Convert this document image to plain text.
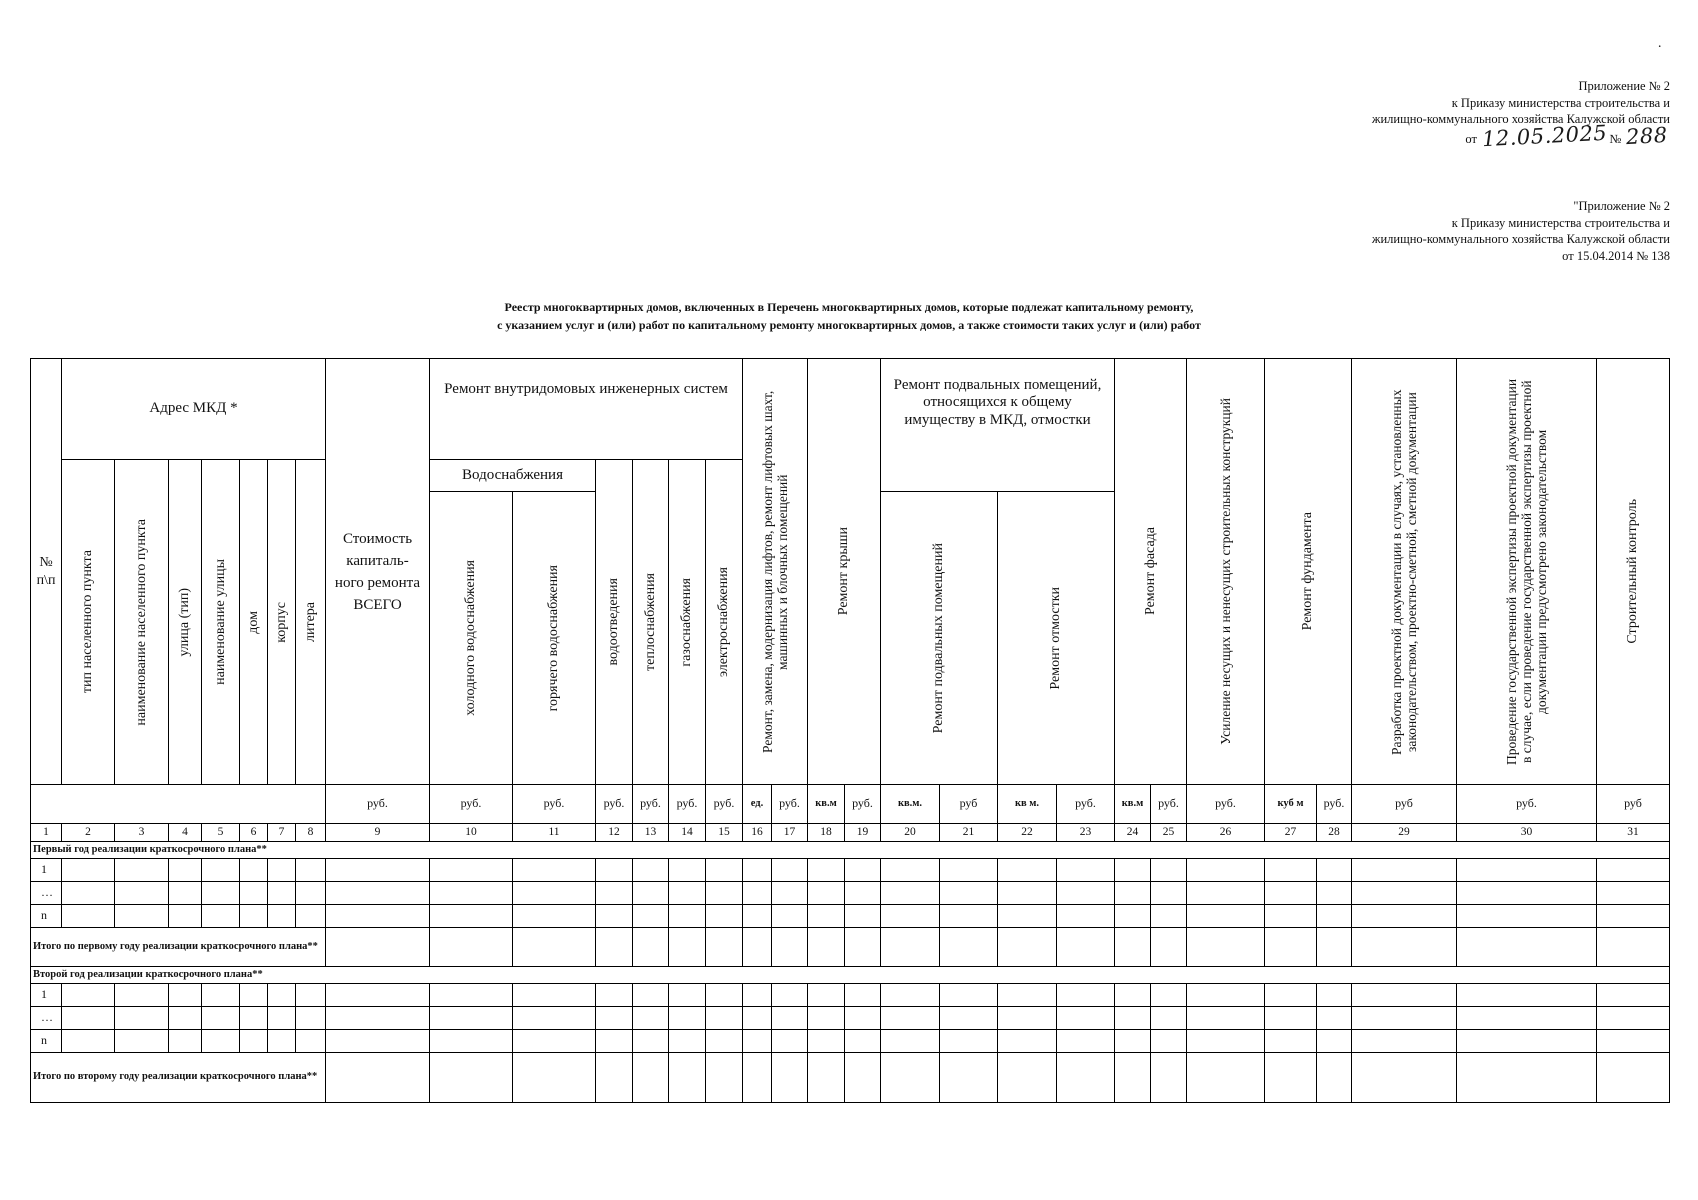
·
Приложение № 2
к Приказу министерства строительства и
жилищно-коммунального хозяйства Калужской области
от 12.05.2025№ 288
"Приложение № 2
к Приказу министерства строительства и
жилищно-коммунального хозяйства Калужской области
от 15.04.2014 № 138
Реестр многоквартирных домов, включенных в Перечень многоквартирных домов, которые подлежат капитальному ремонту,
с указанием услуг и (или) работ по капитальному ремонту многоквартирных домов, а также стоимости таких услуг и (или) работ
№ п\п	Адрес МКД *							Стоимость капиталь-ного ремонта ВСЕГО	Ремонт внутридомовых инженерных систем						Ремонт, замена, модернизация лифтов, ремонт лифтовых шахт, машинных и блочных помещений		Ремонт крыши		Ремонт подвальных помещений, относящихся к общему имуществу в МКД, отмостки				Ремонт фасада		Усиление несущих и ненесущих строительных конструкций	Ремонт фундамента		Разработка проектной документации в случаях, установленных законодательством, проектно-сметной, сметной документации	Проведение государственной экспертизы проектной документации в случае, если проведение государственной экспертизы проектной документации предусмотрено законодательством	Строительный контроль

	тип населенного пункта	наименование населенного пункта	улица (тип)	наименование улицы	дом	корпус	литера		Водоснабжения		водоотведения	теплоснабжения	газоснабжения	электроснабжения																

									холодного водоснабжения	горячего водоснабжения									Ремонт подвальных помещений		Ремонт отмостки									

								руб.	руб.	руб.	руб.	руб.	руб.	руб.	ед.	руб.	кв.м	руб.	кв.м.	руб	кв м.	руб.	кв.м	руб.	руб.	куб м	руб.	руб	руб.	руб
1	2	3	4	5	6	7	8	9	10	11	12	13	14	15	16	17	18	19	20	21	22	23	24	25	26	27	28	29	30	31
Первый год реализации краткосрочного плана**																														
1																														
…																														
n																														
Итого по первому году реализации краткосрочного плана**																														
Второй год реализации краткосрочного плана**																														
1																														
…																														
n																														
Итого по второму году реализации краткосрочного плана**																														
